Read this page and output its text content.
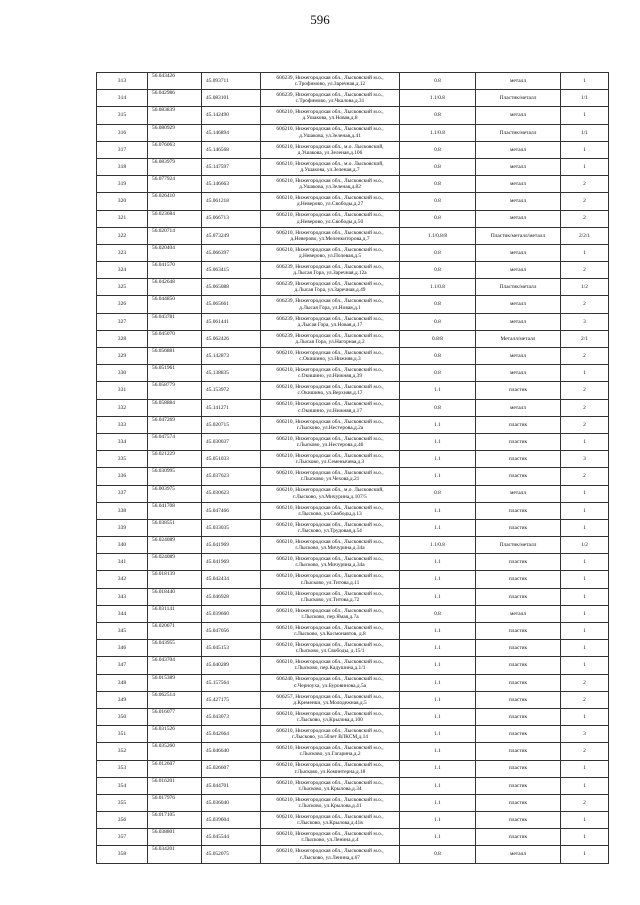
596
313	56.043426	45.093711	606239, Нижегородская обл., Лысковский м.о.,
с.Трофимово, ул.Заречная,д.12	0.8	металл	1
314	56.042986	45.083101	606239, Нижегородская обл., Лысковский м.о.,
с.Трофимово, ул.Чкалова,д.31	1.1/0.8	Пластик/металл	1/1
315	56.083839	45.142490	606210, Нижегородская обл., Лысковский м.о.,
д.Ушакова, ул.Новая,д.8	0.8	металл	1
316	56.080929	45.146894	606210, Нижегородская обл., Лысковский м.о.,
д.Ушакова, ул.Зеленая,д.41	1.1/0.8	Пластик/металл	1/1
317	56.076063	45.146568	606210, Нижегородская обл., м.о. Лысковский,
д.Ушакова, ул.Зеленая,д.106	0.8	металл	1
318	56.083979	45.147597	606210, Нижегородская обл., м.о. Лысковский,
д.Ушакова, ул.Зеленая,д.7	0.8	металл	1
319	56.077924	45.146663	606210, Нижегородская обл., Лысковский м.о.,
д.Ушакова, ул.Зеленая,д.82	0.8	металл	2
320	56.026410	45.061218	606210, Нижегородская обл., Лысковский м.о.,
д.Неверово, ул.Свободы,д.27	0.8	металл	2
321	56.023684	45.066713	606210, Нижегородская обл., Лысковский м.о.,
д.Неверово, ул.Свободы,д.50	0.8	металл	2
322	56.020714	45.073249	606210, Нижегородская обл., Лысковский м.о.,
д.Неверово, ул.Меленкиторова,д.7	1.1/0.8/8	Пластик/металл/металл	2/2/1
323	56.020404	45.066397	606210, Нижегородская обл., Лысковский м.о.,
д.Неверово, ул.Полевая,д.5	0.8	металл	1
324	56.041570	45.063415	606239, Нижегородская обл., Лысковский м.о.,
д.Лысая Гора, ул.Заречная,д.12а	0.8	металл	2
325	56.042648	45.065088	606239, Нижегородская обл., Лысковский м.о.,
д.Лысая Гора, ул.Заречная,д.49	1.1/0.8	Пластик/металл	1/2
326	56.044850	45.065661	606239, Нижегородская обл., Лысковский м.о.,
д.Лысая Гора, ул.Новая,д.1	0.8	металл	2
327	56.043781	45.061441	606239, Нижегородская обл., Лысковский м.о.,
д.Лысая Гора, ул.Новая,д.17	0.8	металл	3
328	56.045070	45.062426	606239, Нижегородская обл., Лысковский м.о.,
д.Лысая Гора, ул.Нагорная,д.2	0.8/8	Металл/металл	2/1
329	56.056881	45.142873	606210, Нижегородская обл., Лысковский м.о.,
с.Окишино, ул.Нижняя,д.3	0.8	металл	2
330	56.051961	45.138835	606210, Нижегородская обл., Лысковский м.о.,
с.Окишино, ул.Нижняя,д.39	0.8	металл	1
331	56.058779	45.153972	606210, Нижегородская обл., Лысковский м.о.,
с.Окишино, ул.Верхняя,д.17	1.1	пластик	2
332	56.058884	45.141271	606210, Нижегородская обл., Лысковский м.о.,
с.Окишино, ул.Нижняя,д.17	0.8	металл	2
333	56.047269	45.020715	606210, Нижегородская обл., Лысковский м.о.,
г.Лысково, ул.Нестерова,д.2а	1.1	пластик	2
334	56.047574	45.030037	606210, Нижегородская обл., Лысковский м.о.,
г.Лысково, ул.Нестерова,д.46	1.1	пластик	1
335	56.021229	45.051033	606210, Нижегородская обл., Лысковский м.о.,
г.Лысково, ул.Семенычева,д.3	1.1	пластик	3
336	56.030995	45.037623	606210, Нижегородская обл., Лысковский м.о.,
г.Лысково, ул.Чехова,д.21	1.1	пластик	2
337	56.003975	45.030623	606210, Нижегородская обл., м.о. Лысковский,
г.Лысково, ул.Мичурина,д.107/5	0.8	металл	1
338	56.041708	45.047466	606210, Нижегородская обл., Лысковский м.о.,
г.Лысково, ул.Свободы,д.13	1.1	пластик	1
339	56.038551	45.033035	606210, Нижегородская обл., Лысковский м.о.,
г.Лысково, ул.Трудовая,д.54	1.1	пластик	1
340	56.024089	45.041969	606210, Нижегородская обл., Лысковский м.о.,
г.Лысково, ул.Мичурина,д.34а	1.1/0.8	Пластик/металл	1/2
341	56.024089	45.041969	606210, Нижегородская обл., Лысковский м.о.,
г.Лысково, ул.Мичурина,д.34а	1.1	пластик	1
342	56.018139	45.042434	606210, Нижегородская обл., Лысковский м.о.,
г.Лысково, ул.Титова,д.11	1.1	пластик	1
343	56.018440	45.046928	606210, Нижегородская обл., Лысковский м.о.,
г.Лысково, ул.Титова,д.72	1.1	пластик	1
344	56.031141	45.039660	606210, Нижегородская обл., Лысковский м.о.,
г.Лысково, пер.Ямая,д.7а	0.8	металл	1
345	56.020671	45.047056	606210, Нижегородская обл., Лысковский м.о.,
г.Лысково, ул.Космонавтов, д.8	1.1	пластик	1
346	56.043955	45.045153	606210, Нижегородская обл., Лысковский м.о.,
г.Лысково, ул.Свободы, д.15/1	1.1	пластик	1
347	56.043704	45.040289	606210, Нижегородская обл., Лысковский м.о.,
г.Лысково, пер.Кадушина,д.1/1	1.1	пластик	1
348	56.015389	45.157564	606240, Нижегородская обл., Лысковский м.о.,
с.Черноуха, ул.Буровинова,д.5а	1.1	пластик	2
349	56.062514	45.427175	606257, Нижегородская обл., Лысковский м.о.,
д.Кременки, ул.Молодежная,д.5	1.1	пластик	2
350	56.016077	45.043073	606210, Нижегородская обл., Лысковский м.о.,
г.Лысково, ул.Крылова,д.100	1.1	пластик	1
351	56.031526	45.042664	606210, Нижегородская обл., Лысковский м.о.,
г.Лысково, ул.50лет ВЛКСМ,д.14	1.1	пластик	3
352	56.035260	45.046640	606210, Нижегородская обл., Лысковский м.о.,
г.Лысково, ул.Гагарина,д.2	1.1	пластик	2
353	56.012607	45.026607	606210, Нижегородская обл., Лысковский м.о.,
г.Лысково, ул.Коминтерна,д.18	1.1	пластик	1
354	56.016201	45.044701	606210, Нижегородская обл., Лысковский м.о.,
г.Лысково, ул.Крылова,д.34	1.1	пластик	1
355	56.017976	45.036040	606210, Нижегородская обл., Лысковский м.о.,
г.Лысково, ул.Крылова,д.41	1.1	пластик	2
356	56.017105	45.039604	606210, Нижегородская обл., Лысковский м.о.,
г.Лысково, ул.Крылова,д.41в	1.1	пластик	1
357	56.038801	45.045544	606210, Нижегородская обл., Лысковский м.о.,
г.Лысково, ул.Ленина,д.4	1.1	пластик	1
358	56.034201	45.052075	606210, Нижегородская обл., Лысковский м.о.,
г.Лысково, ул.Ленина,д.67	0.8	металл	1
